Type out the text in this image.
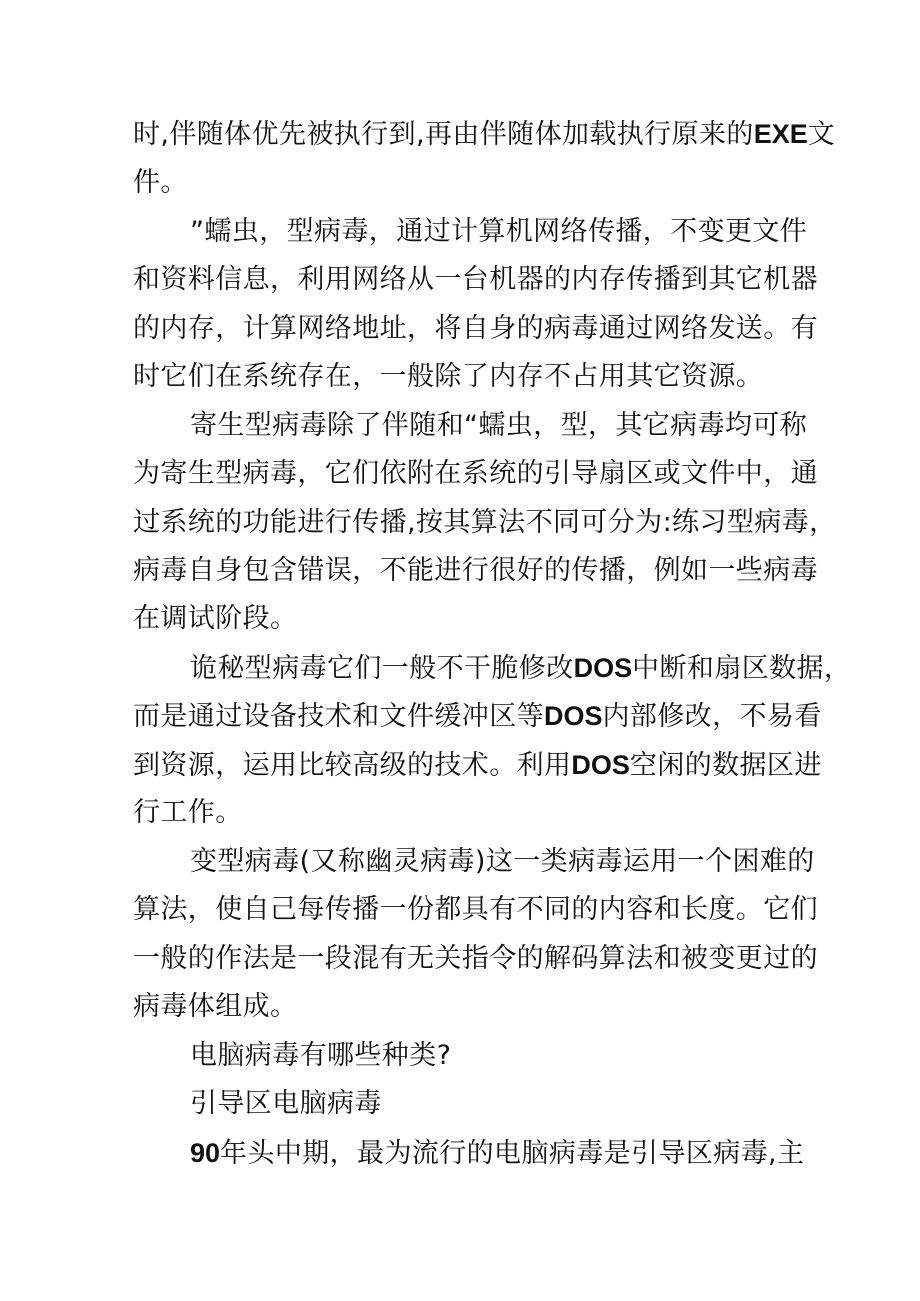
时,伴随体优先被执行到,再由伴随体加载执行原来的EXE文
件。
”蠕虫，型病毒，通过计算机网络传播，不变更文件
和资料信息，利用网络从一台机器的内存传播到其它机器
的内存，计算网络地址，将自身的病毒通过网络发送。有
时它们在系统存在，一般除了内存不占用其它资源。
寄生型病毒除了伴随和“蠕虫，型，其它病毒均可称
为寄生型病毒，它们依附在系统的引导扇区或文件中，通
过系统的功能进行传播,按其算法不同可分为:练习型病毒，
病毒自身包含错误，不能进行很好的传播，例如一些病毒
在调试阶段。
诡秘型病毒它们一般不干脆修改DOS中断和扇区数据，
而是通过设备技术和文件缓冲区等DOS内部修改，不易看
到资源，运用比较高级的技术。利用DOS空闲的数据区进
行工作。
变型病毒(又称幽灵病毒)这一类病毒运用一个困难的
算法，使自己每传播一份都具有不同的内容和长度。它们
一般的作法是一段混有无关指令的解码算法和被变更过的
病毒体组成。
电脑病毒有哪些种类?
引导区电脑病毒
90年头中期，最为流行的电脑病毒是引导区病毒,主
